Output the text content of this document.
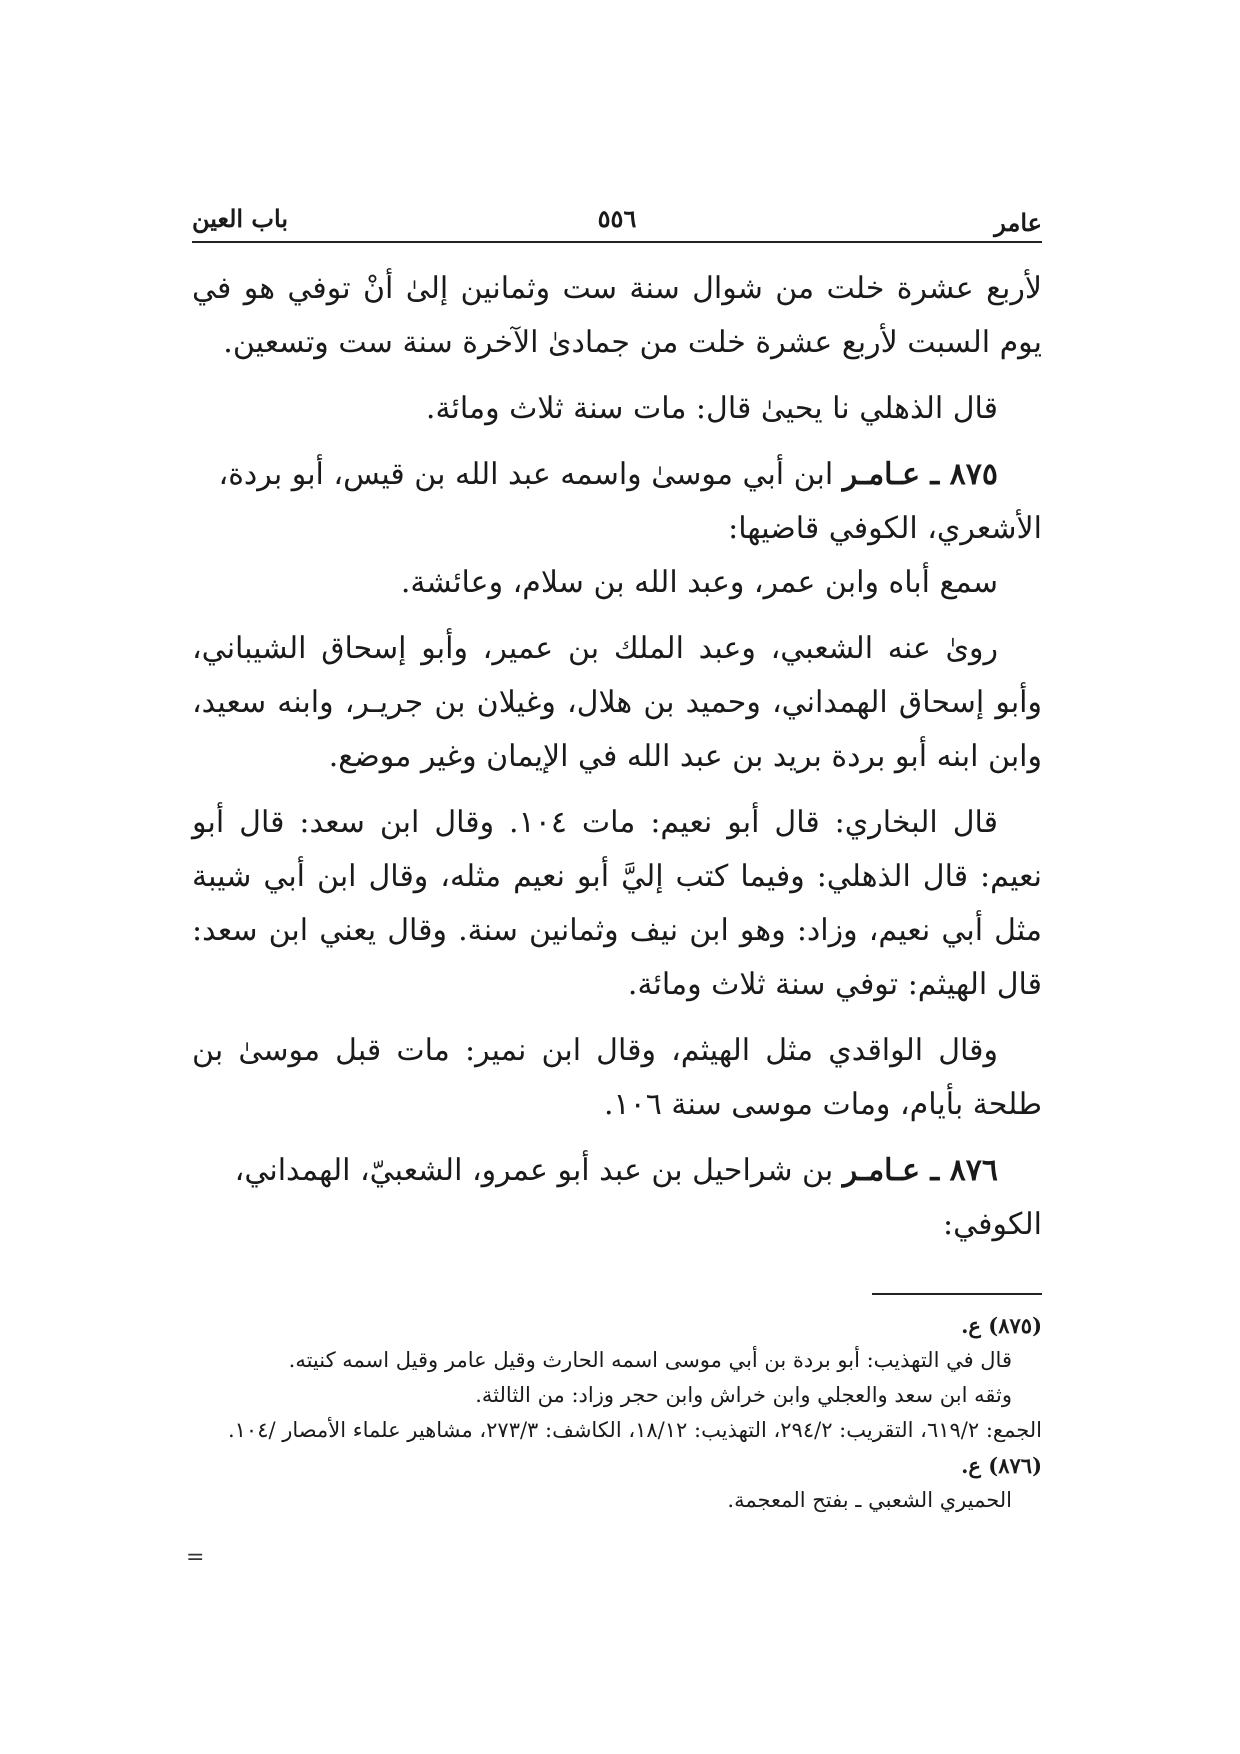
عامر
٥٥٦
باب العين

لأربع عشرة خلت من شوال سنة ست وثمانين إلىٰ أنْ توفي هو في يوم السبت لأربع عشرة خلت من جمادىٰ الآخرة سنة ست وتسعين.

قال الذهلي نا يحيىٰ قال: مات سنة ثلاث ومائة.

٨٧٥ ـ عـامـر ابن أبي موسىٰ واسمه عبد الله بن قيس، أبو بردة،

الأشعري، الكوفي قاضيها:

سمع أباه وابن عمر، وعبد الله بن سلام، وعائشة.

روىٰ عنه الشعبي، وعبد الملك بن عمير، وأبو إسحاق الشيباني، وأبو إسحاق الهمداني، وحميد بن هلال، وغيلان بن جريـر، وابنه سعيد، وابن ابنه أبو بردة بريد بن عبد الله في الإيمان وغير موضع.

قال البخاري: قال أبو نعيم: مات ١٠٤. وقال ابن سعد: قال أبو نعيم: قال الذهلي: وفيما كتب إليَّ أبو نعيم مثله، وقال ابن أبي شيبة مثل أبي نعيم، وزاد: وهو ابن نيف وثمانين سنة. وقال يعني ابن سعد: قال الهيثم: توفي سنة ثلاث ومائة.

وقال الواقدي مثل الهيثم، وقال ابن نمير: مات قبل موسىٰ بن طلحة بأيام، ومات موسى سنة ١٠٦.

٨٧٦ ـ عـامـر بن شراحيل بن عبد أبو عمرو، الشعبيّ، الهمداني،

الكوفي:

(٨٧٥) ع.

قال في التهذيب: أبو بردة بن أبي موسى اسمه الحارث وقيل عامر وقيل اسمه كنيته.

وثقه ابن سعد والعجلي وابن خراش وابن حجر وزاد: من الثالثة.

الجمع: ٦١٩/٢، التقريب: ٢٩٤/٢، التهذيب: ١٨/١٢، الكاشف: ٢٧٣/٣، مشاهير علماء الأمصار /١٠٤.

(٨٧٦) ع.

الحميري الشعبي ـ بفتح المعجمة.

=
